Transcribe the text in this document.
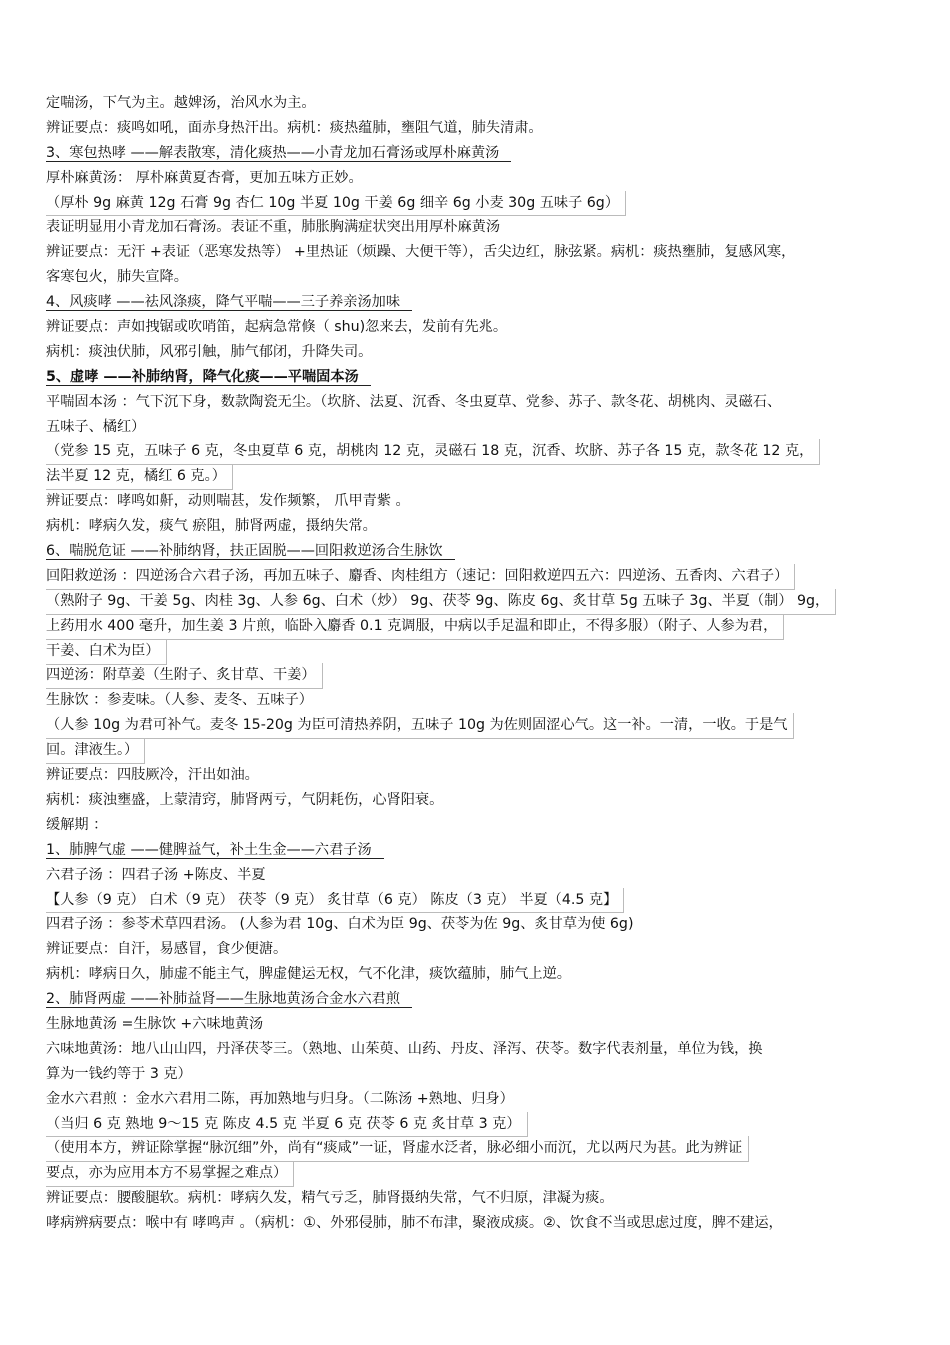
定喘汤，下气为主。越婢汤，治风水为主。
辨证要点：痰鸣如吼，面赤身热汗出。病机：痰热蕴肺，壅阻气道，肺失清肃。
3、寒包热哮 ——解表散寒，清化痰热——小青龙加石膏汤或厚朴麻黄汤
厚朴麻黄汤： 厚朴麻黄夏杏膏，更加五味方正妙。
（厚朴 9g 麻黄 12g 石膏 9g 杏仁 10g 半夏 10g 干姜 6g 细辛 6g 小麦 30g 五味子 6g）
表证明显用小青龙加石膏汤。表证不重，肺胀胸满症状突出用厚朴麻黄汤
辨证要点：无汗 +表证（恶寒发热等） +里热证（烦躁、大便干等），舌尖边红，脉弦紧。病机：痰热壅肺，复感风寒，
客寒包火，肺失宣降。
4、风痰哮 ——祛风涤痰，降气平喘——三子养亲汤加味
辨证要点：声如拽锯或吹哨笛，起病急常倏（ shu)忽来去，发前有先兆。
病机：痰浊伏肺，风邪引触，肺气郁闭，升降失司。
5、虚哮 ——补肺纳肾，降气化痰——平喘固本汤
平喘固本汤 ：气下沉下身，数款陶瓷无尘。（坎脐、法夏、沉香、冬虫夏草、党参、苏子、款冬花、胡桃肉、灵磁石、
五味子、橘红）
（党参 15 克，五味子 6 克，冬虫夏草 6 克，胡桃肉 12 克，灵磁石 18 克，沉香、坎脐、苏子各 15 克，款冬花 12 克，
法半夏 12 克，橘红 6 克。）
辨证要点：哮鸣如鼾，动则喘甚，发作频繁， 爪甲青紫 。
病机：哮病久发，痰气 瘀阻，肺肾两虚，摄纳失常。
6、喘脱危证 ——补肺纳肾，扶正固脱——回阳救逆汤合生脉饮
回阳救逆汤 ：四逆汤合六君子汤，再加五味子、麝香、肉桂组方（速记：回阳救逆四五六：四逆汤、五香肉、六君子）
（熟附子 9g、干姜 5g、肉桂 3g、人参 6g、白术（炒） 9g、茯苓 9g、陈皮 6g、炙甘草 5g 五味子 3g、半夏（制） 9g，
上药用水 400 毫升，加生姜 3 片煎，临卧入麝香 0.1 克调服，中病以手足温和即止，不得多服）（附子、人参为君，
干姜、白术为臣）
四逆汤：附草姜（生附子、炙甘草、干姜）
生脉饮 ：参麦味。（人参、麦冬、五味子）
（人参 10g 为君可补气。麦冬 15-20g 为臣可清热养阴，五味子 10g 为佐则固涩心气。这一补。一清，一收。于是气
回。津液生。）
辨证要点：四肢厥冷，汗出如油。
病机：痰浊壅盛，上蒙清窍，肺肾两亏，气阴耗伤，心肾阳衰。
缓解期 ：
1、肺脾气虚 ——健脾益气，补土生金——六君子汤
六君子汤 ：四君子汤 +陈皮、半夏
【人参（9 克） 白术（9 克） 茯苓（9 克） 炙甘草（6 克） 陈皮（3 克） 半夏（4.5 克】
四君子汤 ：参苓术草四君汤。 (人参为君 10g、白术为臣 9g、茯苓为佐 9g、炙甘草为使 6g)
辨证要点：自汗，易感冒，食少便溏。
病机：哮病日久，肺虚不能主气，脾虚健运无权，气不化津，痰饮蕴肺，肺气上逆。
2、肺肾两虚 ——补肺益肾——生脉地黄汤合金水六君煎
生脉地黄汤 =生脉饮 +六味地黄汤
六味地黄汤：地八山山四，丹泽茯苓三。（熟地、山茱萸、山药、丹皮、泽泻、茯苓。数字代表剂量，单位为钱，换
算为一钱约等于 3 克）
金水六君煎 ：金水六君用二陈，再加熟地与归身。（二陈汤 +熟地、归身）
（当归 6 克 熟地 9～15 克 陈皮 4.5 克 半夏 6 克 茯苓 6 克 炙甘草 3 克）
（使用本方，辨证除掌握“脉沉细”外，尚有“痰咸”一证，肾虚水泛者，脉必细小而沉，尤以两尺为甚。此为辨证
要点，亦为应用本方不易掌握之难点）
辨证要点：腰酸腿软。病机：哮病久发，精气亏乏，肺肾摄纳失常，气不归原，津凝为痰。
哮病辨病要点：喉中有 哮鸣声 。（病机：①、外邪侵肺，肺不布津，聚液成痰。②、饮食不当或思虑过度，脾不建运，
